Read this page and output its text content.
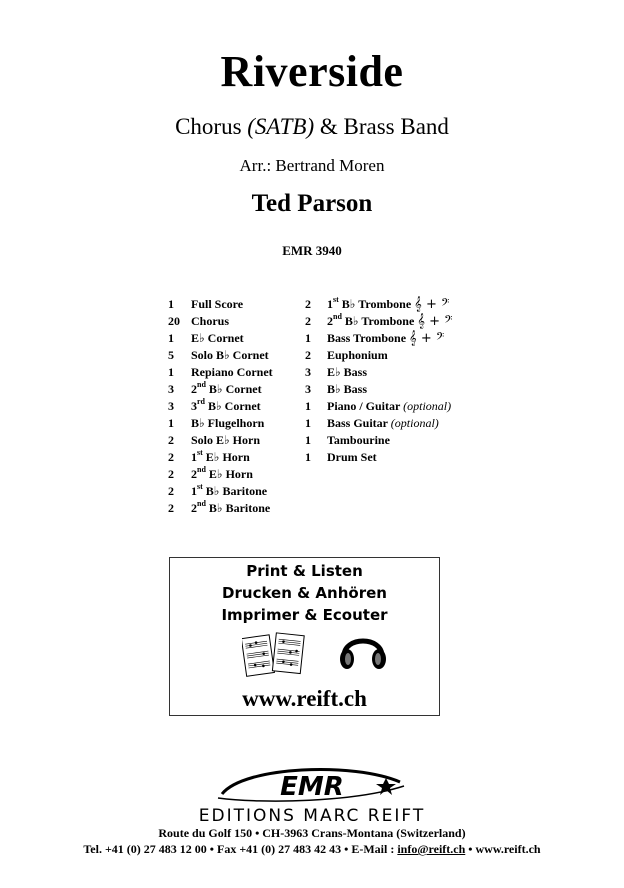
Riverside
Chorus (SATB) & Brass Band
Arr.: Bertrand Moren
Ted Parson
EMR 3940
1	Full Score
20 Chorus
1	E♭ Cornet
5	Solo B♭ Cornet
1	Repiano Cornet
3	2nd B♭ Cornet
3	3rd B♭ Cornet
1	B♭ Flugelhorn
2	Solo E♭ Horn
2	1st E♭ Horn
2	2nd E♭ Horn
2	1st B♭ Baritone
2	2nd B♭ Baritone
2	1st B♭ Trombone 𝄞 + 𝄢
2	2nd B♭ Trombone 𝄞 + 𝄢
1	Bass Trombone 𝄞 + 𝄢
2	Euphonium
3	E♭ Bass
3	B♭ Bass
1	Piano / Guitar (optional)
1	Bass Guitar (optional)
1	Tambourine
1	Drum Set
Print & Listen
Drucken & Anhören
Imprimer & Ecouter
www.reift.ch
EMR
EDITIONS MARC REIFT
Route du Golf 150 • CH-3963 Crans-Montana (Switzerland)
Tel. +41 (0) 27 483 12 00 • Fax +41 (0) 27 483 42 43 • E-Mail : info@reift.ch • www.reift.ch
